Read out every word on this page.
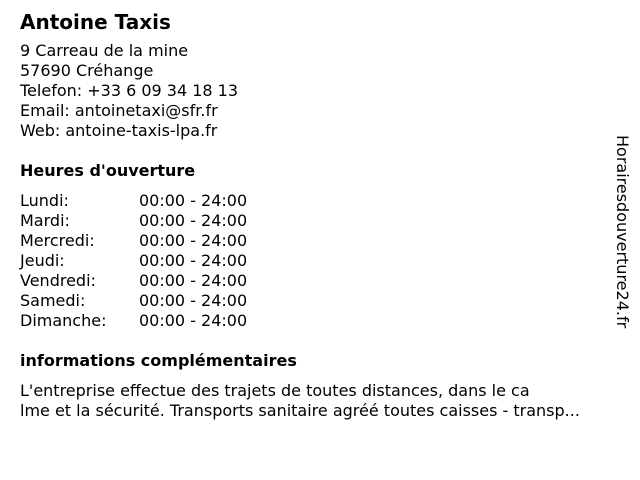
Antoine Taxis
9 Carreau de la mine
57690 Créhange
Telefon: +33 6 09 34 18 13
Email: antoinetaxi@sfr.fr
Web: antoine-taxis-lpa.fr
Heures d'ouverture
Lundi:	00:00 - 24:00
Mardi:	00:00 - 24:00
Mercredi:	00:00 - 24:00
Jeudi:	00:00 - 24:00
Vendredi:	00:00 - 24:00
Samedi:	00:00 - 24:00
Dimanche:	00:00 - 24:00
informations complémentaires
L'entreprise effectue des trajets de toutes distances, dans le ca
lme et la sécurité. Transports sanitaire agréé toutes caisses - transp...
Horairesdouverture24.fr
